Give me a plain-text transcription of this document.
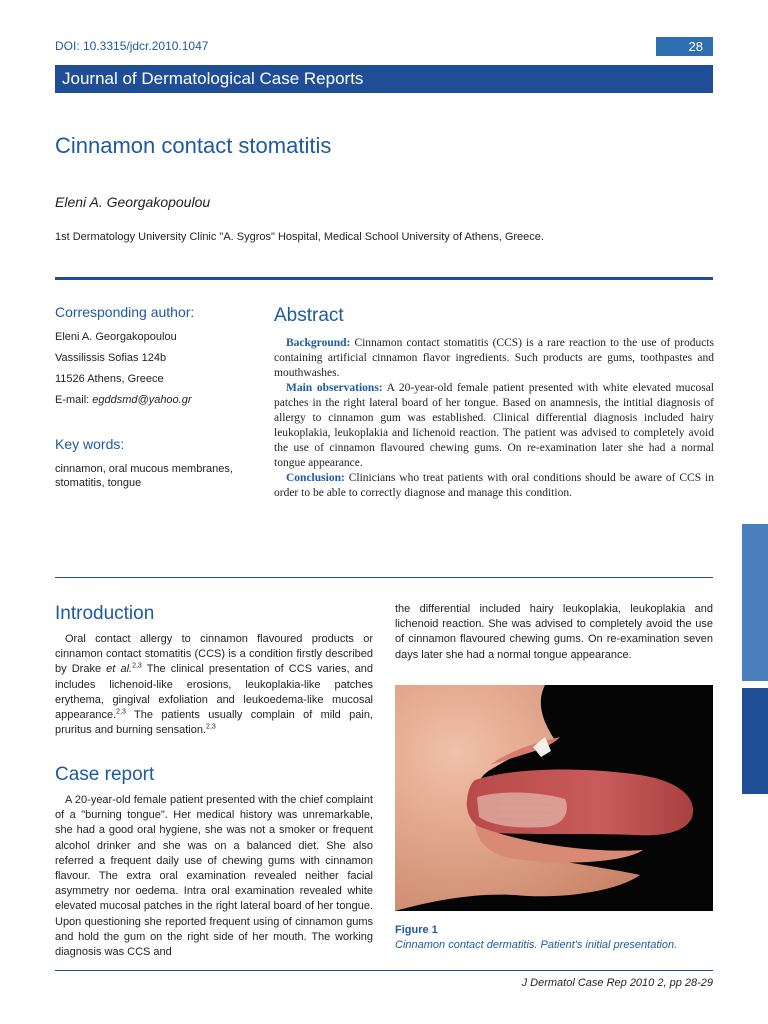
DOI: 10.3315/jdcr.2010.1047	28
Journal of Dermatological Case Reports
Cinnamon contact stomatitis
Eleni A. Georgakopoulou
1st Dermatology University Clinic "A. Sygros" Hospital, Medical School University of Athens, Greece.
Corresponding author:
Eleni A. Georgakopoulou
Vassilissis Sofias 124b
11526 Athens, Greece
E-mail: egddsmd@yahoo.gr
Key words:
cinnamon, oral mucous membranes, stomatitis, tongue
Abstract

Background: Cinnamon contact stomatitis (CCS) is a rare reaction to the use of products containing artificial cinnamon flavor ingredients. Such products are gums, toothpastes and mouthwashes.

Main observations: A 20-year-old female patient presented with white elevated mucosal patches in the right lateral board of her tongue. Based on anamnesis, the intitial diagnosis of allergy to cinnamon gum was established. Clinical differential diagnosis included hairy leukoplakia, leukoplakia and lichenoid reaction. The patient was advised to completely avoid the use of cinnamon flavoured chewing gums. On re-examination later she had a normal tongue appearance.

Conclusion: Clinicians who treat patients with oral conditions should be aware of CCS in order to be able to correctly diagnose and manage this condition.

Introduction

Oral contact allergy to cinnamon flavoured products or cinnamon contact stomatitis (CCS) is a condition firstly described by Drake et al.$^{2,3}$ The clinical presentation of CCS varies, and includes lichenoid-like erosions, leukoplakia-like patches erythema, gingival exfoliation and leukoedema-like mucosal appearance.$^{2,3}$ The patients usually complain of mild pain, pruritus and burning sensation.$^{2,3}$

Case report

A 20-year-old female patient presented with the chief complaint of a "burning tongue". Her medical history was unremarkable, she had a good oral hygiene, she was not a smoker or frequent alcohol drinker and she was on a balanced diet. She also referred a frequent daily use of chewing gums with cinnamon flavour. The extra oral examination revealed neither facial asymmetry nor oedema. Intra oral examination revealed white elevated mucosal patches in the right lateral board of her tongue. Upon questioning she reported frequent using of cinnamon gums and hold the gum on the right side of her mouth. The working diagnosis was CCS and

the differential included hairy leukoplakia, leukoplakia and lichenoid reaction. She was advised to completely avoid the use of cinnamon flavoured chewing gums. On re-examination seven days later she had a normal tongue appearance.

Figure 1
Cinnamon contact dermatitis. Patient's initial presentation.
J Dermatol Case Rep 2010 2, pp 28-29
